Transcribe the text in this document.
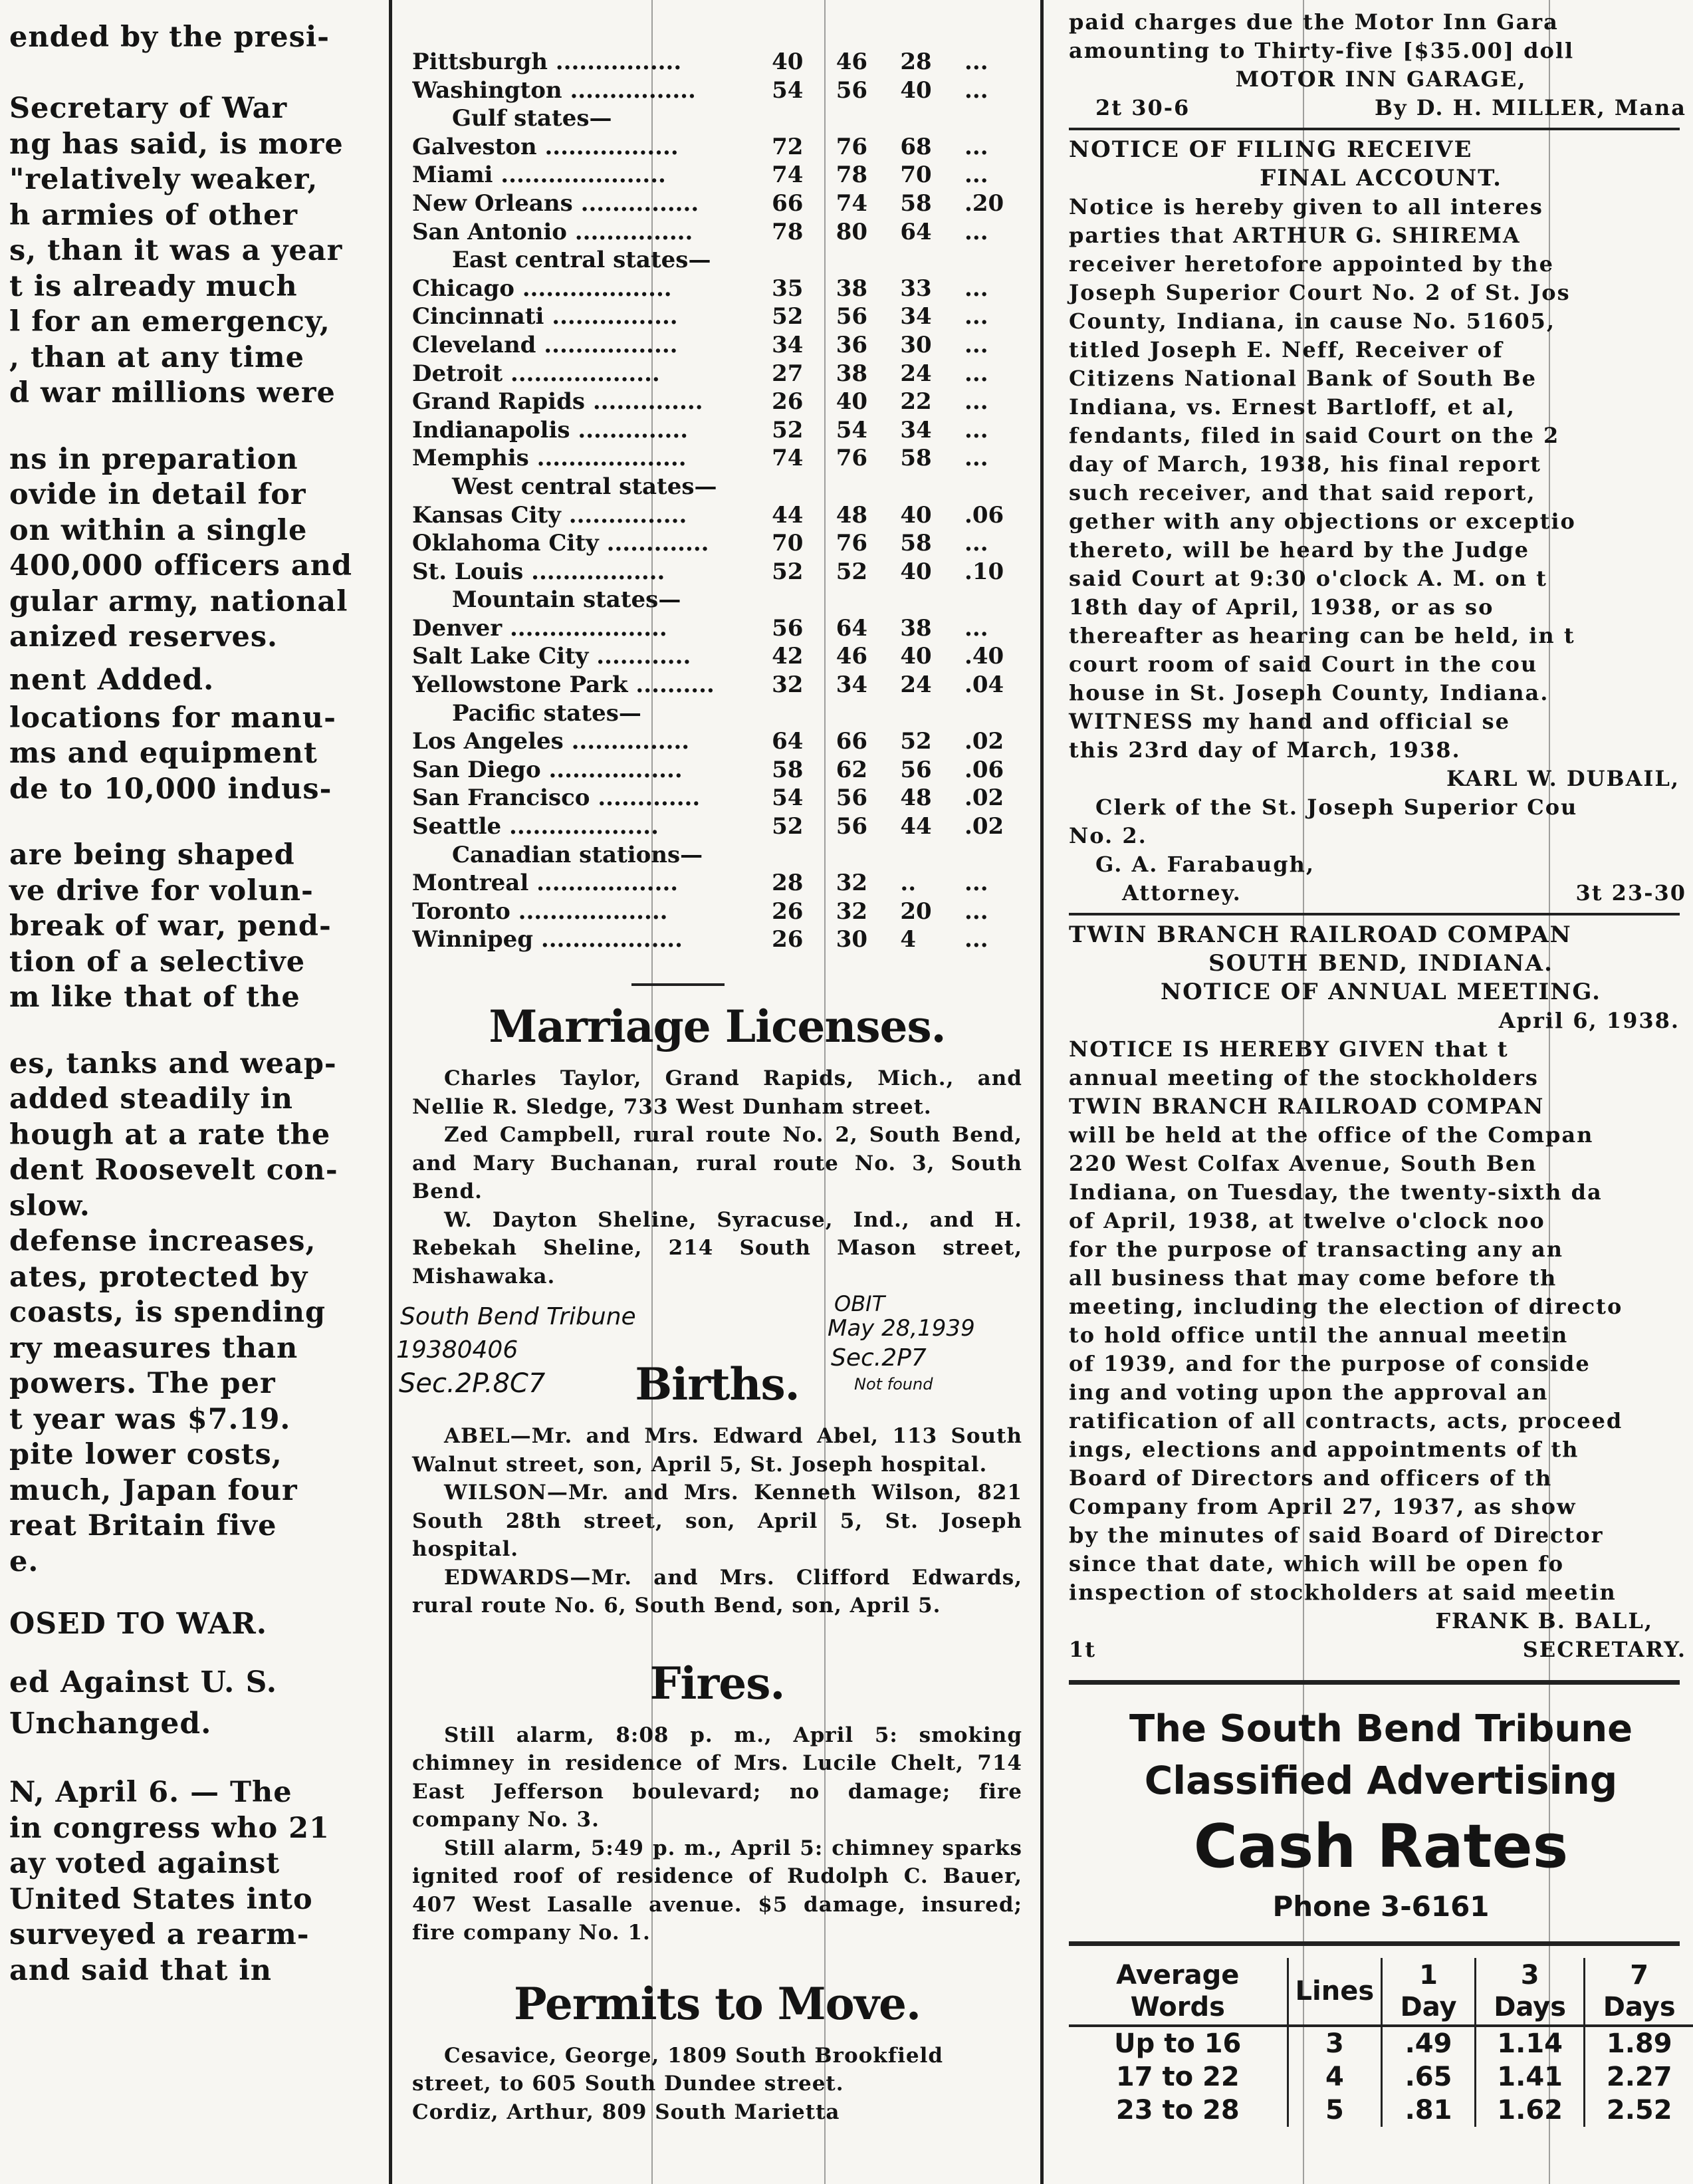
ended by the presi-

Secretary of War
ng has said, is more
"relatively weaker,
h armies of other
s, than it was a year
t is already much
l for an emergency,
, than at any time
d war millions were
ns in preparation
ovide in detail for
on within a single
400,000 officers and
gular army, national
anized reserves.
nent Added.
locations for manu-
ms and equipment
de to 10,000 indus-
are being shaped
ve drive for volun-
break of war, pend-
tion of a selective
m like that of the
es, tanks and weap-
added steadily in
hough at a rate the
dent Roosevelt con-
slow.
defense increases,
ates, protected by
coasts, is spending
ry measures than
powers. The per
t year was $7.19.
pite lower costs,
much, Japan four
reat Britain five
e.
OSED TO WAR.
ed Against U. S.
Unchanged.
N, April 6. — The
in congress who 21
ay voted against
United States into
surveyed a rearm-
and said that in
Pittsburgh ................	40	46	28	...
Washington ................	54	56	40	...
Gulf states—
Galveston .................	72	76	68	...
Miami .....................	74	78	70	...
New Orleans ...............	66	74	58	.20
San Antonio ...............	78	80	64	...
East central states—
Chicago ...................	35	38	33	...
Cincinnati ................	52	56	34	...
Cleveland .................	34	36	30	...
Detroit ...................	27	38	24	...
Grand Rapids ..............	26	40	22	...
Indianapolis ..............	52	54	34	...
Memphis ...................	74	76	58	...
West central states—
Kansas City ...............	44	48	40	.06
Oklahoma City .............	70	76	58	...
St. Louis .................	52	52	40	.10
Mountain states—
Denver ....................	56	64	38	...
Salt Lake City ............	42	46	40	.40
Yellowstone Park ..........	32	34	24	.04
Pacific states—
Los Angeles ...............	64	66	52	.02
San Diego .................	58	62	56	.06
San Francisco .............	54	56	48	.02
Seattle ...................	52	56	44	.02
Canadian stations—
Montreal ..................	28	32	..	...
Toronto ...................	26	32	20	...
Winnipeg ..................	26	30	4	...
Marriage Licenses.

Charles Taylor, Grand Rapids, Mich., and Nellie R. Sledge, 733 West Dunham street.

Zed Campbell, rural route No. 2, South Bend, and Mary Buchanan, rural route No. 3, South Bend.

W. Dayton Sheline, Syracuse, Ind., and H. Rebekah Sheline, 214 South Mason street, Mishawaka.

Births.

ABEL—Mr. and Mrs. Edward Abel, 113 South Walnut street, son, April 5, St. Joseph hospital.

WILSON—Mr. and Mrs. Kenneth Wilson, 821 South 28th street, son, April 5, St. Joseph hospital.

EDWARDS—Mr. and Mrs. Clifford Edwards, rural route No. 6, South Bend, son, April 5.

Fires.

Still alarm, 8:08 p. m., April 5: smoking chimney in residence of Mrs. Lucile Chelt, 714 East Jefferson boulevard; no damage; fire company No. 3.

Still alarm, 5:49 p. m., April 5: chimney sparks ignited roof of residence of Rudolph C. Bauer, 407 West Lasalle avenue. $5 damage, insured; fire company No. 1.

Permits to Move.
Cesavice, George, 1809 South Brookfield
street, to 605 South Dundee street.
Cordiz, Arthur, 809 South Marietta
South Bend Tribune
19380406
Sec.2P.8C7
OBIT
May 28,1939
Sec.2P7
Not found
paid charges due the Motor Inn Gara
amounting to Thirty-five [$35.00] doll
MOTOR INN GARAGE,
2t 30-6	By D. H. MILLER, Mana
NOTICE OF FILING RECEIVE
FINAL ACCOUNT.
Notice is hereby given to all interes
parties that ARTHUR G. SHIREMA
receiver heretofore appointed by the
Joseph Superior Court No. 2 of St. Jos
County, Indiana, in cause No. 51605,
titled Joseph E. Neff, Receiver of
Citizens National Bank of South Be
Indiana, vs. Ernest Bartloff, et al,
fendants, filed in said Court on the 2
day of March, 1938, his final report
such receiver, and that said report,
gether with any objections or exceptio
thereto, will be heard by the Judge
said Court at 9:30 o'clock A. M. on t
18th day of April, 1938, or as so
thereafter as hearing can be held, in t
court room of said Court in the cou
house in St. Joseph County, Indiana.
WITNESS my hand and official se
this 23rd day of March, 1938.
KARL W. DUBAIL,
Clerk of the St. Joseph Superior Cou
No. 2.
G. A. Farabaugh,
Attorney.	3t 23-30
TWIN BRANCH RAILROAD COMPAN
SOUTH BEND, INDIANA.
NOTICE OF ANNUAL MEETING.
April 6, 1938.
NOTICE IS HEREBY GIVEN that t
annual meeting of the stockholders
TWIN BRANCH RAILROAD COMPAN
will be held at the office of the Compan
220 West Colfax Avenue, South Ben
Indiana, on Tuesday, the twenty-sixth da
of April, 1938, at twelve o'clock noo
for the purpose of transacting any an
all business that may come before th
meeting, including the election of directo
to hold office until the annual meetin
of 1939, and for the purpose of conside
ing and voting upon the approval an
ratification of all contracts, acts, proceed
ings, elections and appointments of th
Board of Directors and officers of th
Company from April 27, 1937, as show
by the minutes of said Board of Director
since that date, which will be open fo
inspection of stockholders at said meetin
FRANK B. BALL,
1t	SECRETARY.
The South Bend Tribune
Classified Advertising
Cash Rates
Phone 3-6161
Average Words	Lines	1 Day	3 Days	7 Days
Up to 16	3	.49	1.14	1.89
17 to 22	4	.65	1.41	2.27
23 to 28	5	.81	1.62	2.52
